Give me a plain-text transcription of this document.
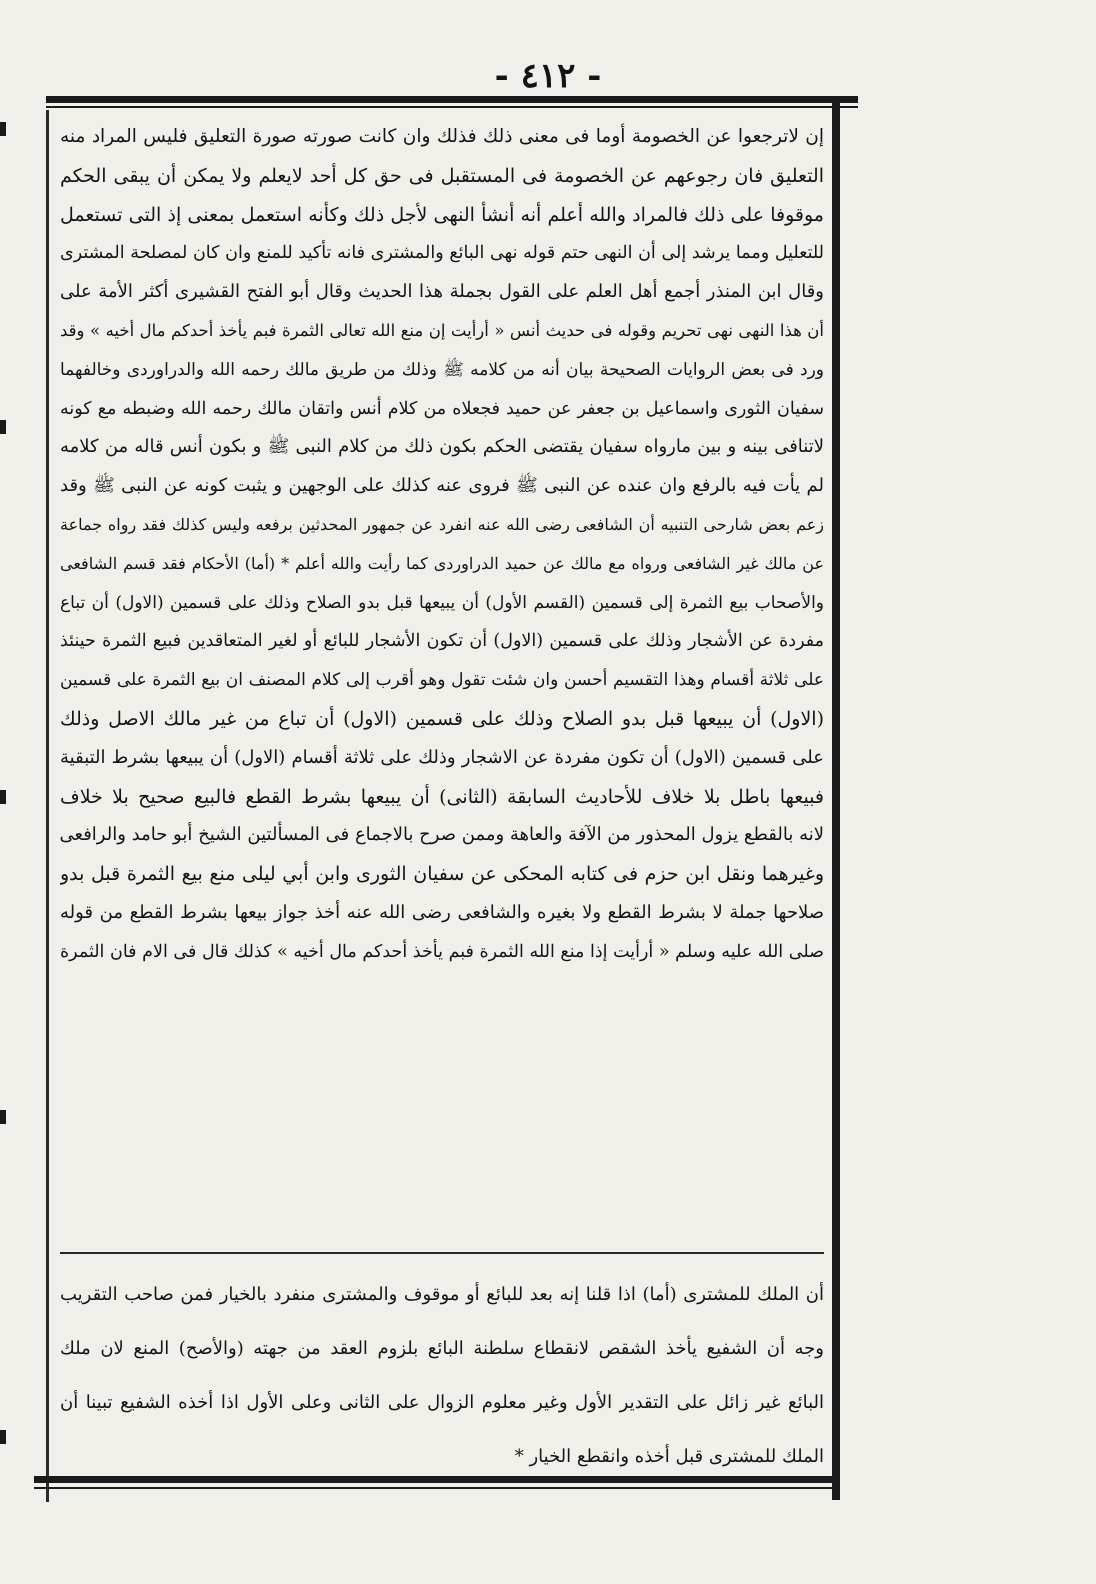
- ٤١٢ -
إن لاترجعوا عن الخصومة أوما فى معنى ذلك فذلك وان كانت صورته صورة التعليق فليس المراد منه
التعليق فان رجوعهم عن الخصومة فى المستقبل فى حق كل أحد لايعلم ولا يمكن أن يبقى الحكم
موقوفا على ذلك فالمراد والله أعلم أنه أنشأ النهى لأجل ذلك وكأنه استعمل بمعنى إذ التى تستعمل
للتعليل ومما يرشد إلى أن النهى حتم قوله نهى البائع والمشترى فانه تأكيد للمنع وان كان لمصلحة المشترى
وقال ابن المنذر أجمع أهل العلم على القول بجملة هذا الحديث وقال أبو الفتح القشيرى أكثر الأمة على
أن هذا النهى نهى تحريم وقوله فى حديث أنس « أرأيت إن منع الله تعالى الثمرة فبم يأخذ أحدكم مال أخيه » وقد
ورد فى بعض الروايات الصحيحة بيان أنه من كلامه ﷺ وذلك من طريق مالك رحمه الله والدراوردى وخالفهما
سفيان الثورى واسماعيل بن جعفر عن حميد فجعلاه من كلام أنس واتقان مالك رحمه الله وضبطه مع كونه
لاتنافى بينه و بين مارواه سفيان يقتضى الحكم بكون ذلك من كلام النبى ﷺ و بكون أنس قاله من كلامه
لم يأت فيه بالرفع وان عنده عن النبى ﷺ فروى عنه كذلك على الوجهين و يثبت كونه عن النبى ﷺ وقد
زعم بعض شارحى التنبيه أن الشافعى رضى الله عنه انفرد عن جمهور المحدثين برفعه وليس كذلك فقد رواه جماعة
عن مالك غير الشافعى ورواه مع مالك عن حميد الدراوردى كما رأيت والله أعلم * (أما) الأحكام فقد قسم الشافعى
والأصحاب بيع الثمرة إلى قسمين (القسم الأول) أن يبيعها قبل بدو الصلاح وذلك على قسمين (الاول) أن تباع
مفردة عن الأشجار وذلك على قسمين (الاول) أن تكون الأشجار للبائع أو لغير المتعاقدين فبيع الثمرة حينئذ
على ثلاثة أقسام وهذا التقسيم أحسن وان شئت تقول وهو أقرب إلى كلام المصنف ان بيع الثمرة على قسمين
(الاول) أن يبيعها قبل بدو الصلاح وذلك على قسمين (الاول) أن تباع من غير مالك الاصل وذلك
على قسمين (الاول) أن تكون مفردة عن الاشجار وذلك على ثلاثة أقسام (الاول) أن يبيعها بشرط التبقية
فبيعها باطل بلا خلاف للأحاديث السابقة (الثانى) أن يبيعها بشرط القطع فالبيع صحيح بلا خلاف
لانه بالقطع يزول المحذور من الآفة والعاهة وممن صرح بالاجماع فى المسألتين الشيخ أبو حامد والرافعى
وغيرهما ونقل ابن حزم فى كتابه المحكى عن سفيان الثورى وابن أبي ليلى منع بيع الثمرة قبل بدو
صلاحها جملة لا بشرط القطع ولا بغيره والشافعى رضى الله عنه أخذ جواز بيعها بشرط القطع من قوله
صلى الله عليه وسلم « أرأيت إذا منع الله الثمرة فبم يأخذ أحدكم مال أخيه » كذلك قال فى الام فان الثمرة
أن الملك للمشترى (أما) اذا قلنا إنه بعد للبائع أو موقوف والمشترى منفرد بالخيار فمن صاحب التقريب
وجه أن الشفيع يأخذ الشقص لانقطاع سلطنة البائع بلزوم العقد من جهته (والأصح) المنع لان ملك
البائع غير زائل على التقدير الأول وغير معلوم الزوال على الثانى وعلى الأول اذا أخذه الشفيع تبينا أن
الملك للمشترى قبل أخذه وانقطع الخيار *
